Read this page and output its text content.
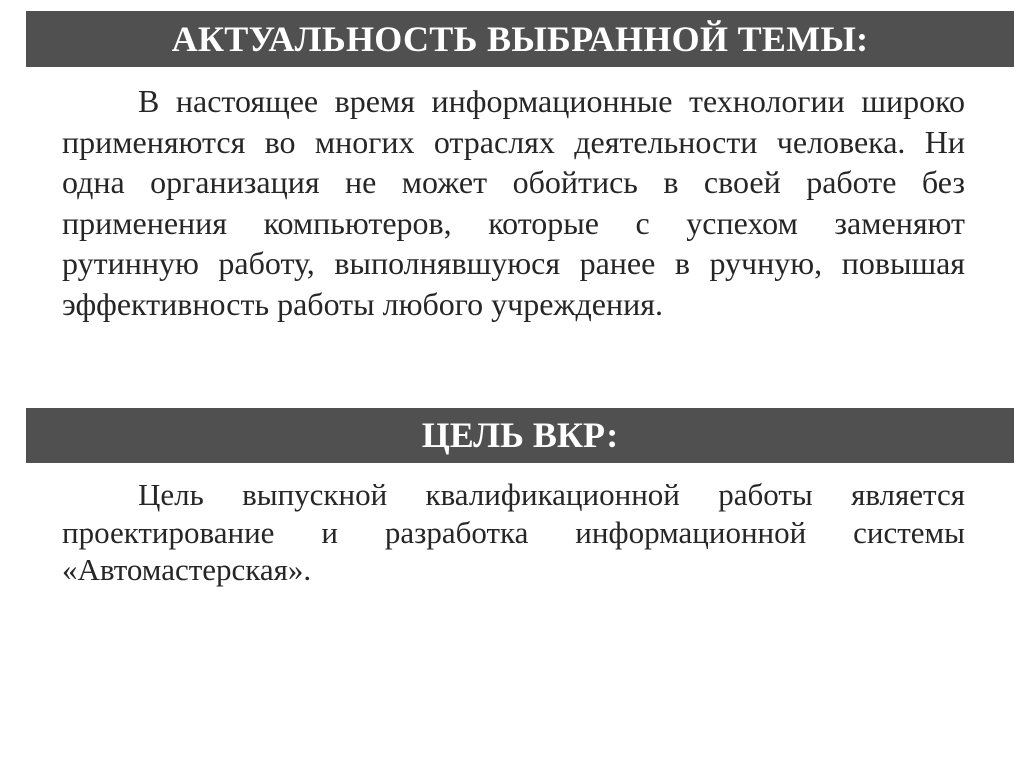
АКТУАЛЬНОСТЬ ВЫБРАННОЙ ТЕМЫ:

В настоящее время информационные технологии широко применяются во многих отраслях деятельности человека. Ни одна организация не может обойтись в своей работе без применения компьютеров, которые с успехом заменяют рутинную работу, выполнявшуюся ранее в ручную, повышая эффективность работы любого учреждения.

ЦЕЛЬ ВКР:

Цель выпускной квалификационной работы является проектирование и разработка информационной системы «Автомастерская».
